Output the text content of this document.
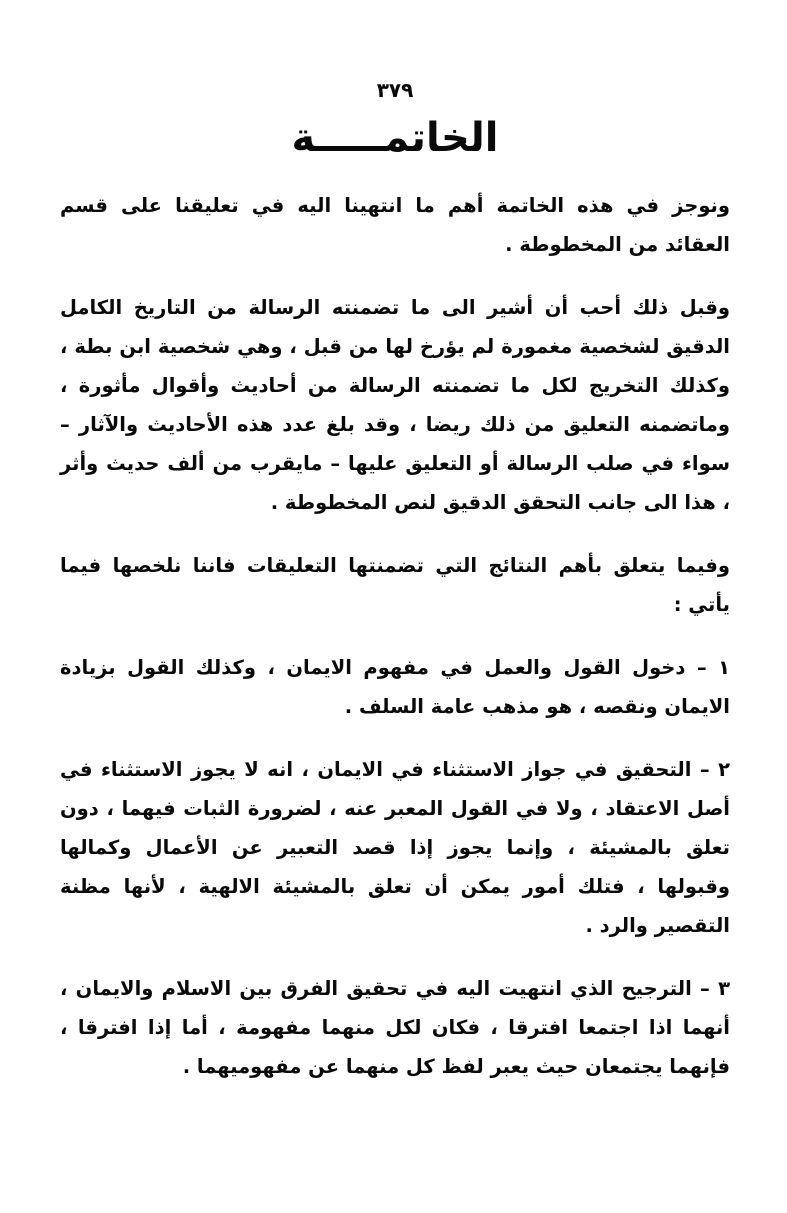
٣٧٩
الخاتمـــــة

ونوجز في هذه الخاتمة أهم ما انتهينا اليه في تعليقنا على قسم العقائد من المخطوطة .

وقبل ذلك أحب أن أشير الى ما تضمنته الرسالة من التاريخ الكامل الدقيق لشخصية مغمورة لم يؤرخ لها من قبل ، وهي شخصية ابن بطة ، وكذلك التخريج لكل ما تضمنته الرسالة من أحاديث وأقوال مأثورة ، وماتضمنه التعليق من ذلك ريضا ، وقد بلغ عدد هذه الأحاديث والآثار – سواء في صلب الرسالة أو التعليق عليها – مايقرب من ألف حديث وأثر ، هذا الى جانب التحقق الدقيق لنص المخطوطة .

وفيما يتعلق بأهم النتائج التي تضمنتها التعليقات فاننا نلخصها فيما يأتي :

١ – دخول القول والعمل في مفهوم الايمان ، وكذلك القول بزيادة الايمان ونقصه ، هو مذهب عامة السلف .

٢ – التحقيق في جواز الاستثناء في الايمان ، انه لا يجوز الاستثناء في أصل الاعتقاد ، ولا في القول المعبر عنه ، لضرورة الثبات فيهما ، دون تعلق بالمشيئة ، وإنما يجوز إذا قصد التعبير عن الأعمال وكمالها وقبولها ، فتلك أمور يمكن أن تعلق بالمشيئة الالهية ، لأنها مظنة التقصير والرد .

٣ – الترجيح الذي انتهيت اليه في تحقيق الفرق بين الاسلام والايمان ، أنهما اذا اجتمعا افترقا ، فكان لكل منهما مفهومة ، أما إذا افترقا ، فإنهما يجتمعان حيث يعبر لفظ كل منهما عن مفهوميهما .
